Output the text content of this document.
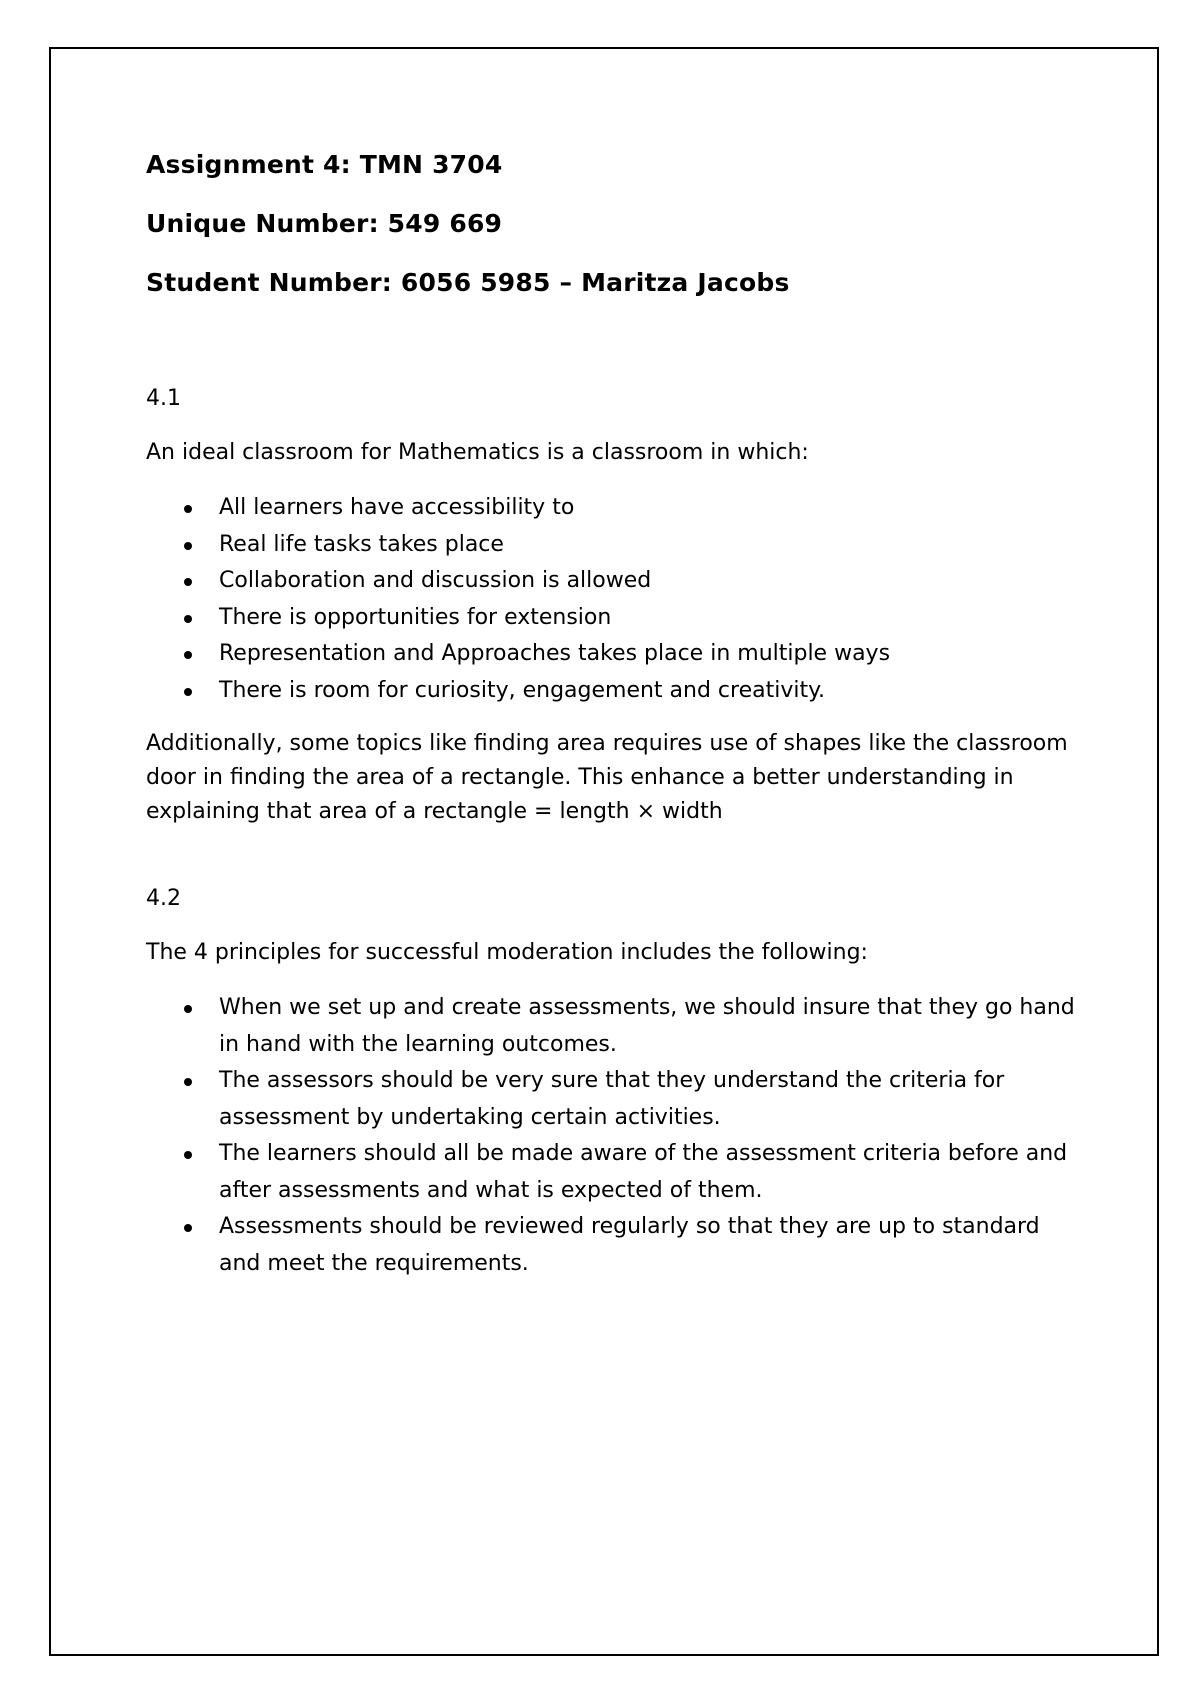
Assignment 4: TMN 3704
Unique Number: 549 669
Student Number: 6056 5985 – Maritza Jacobs
4.1
An ideal classroom for Mathematics is a classroom in which:
All learners have accessibility to
Real life tasks takes place
Collaboration and discussion is allowed
There is opportunities for extension
Representation and Approaches takes place in multiple ways
There is room for curiosity, engagement and creativity.
Additionally, some topics like finding area requires use of shapes like the classroom door in finding the area of a rectangle. This enhance a better understanding in explaining that area of a rectangle = length × width
4.2
The 4 principles for successful moderation includes the following:
When we set up and create assessments, we should insure that they go hand in hand with the learning outcomes.
The assessors should be very sure that they understand the criteria for assessment by undertaking certain activities.
The learners should all be made aware of the assessment criteria before and after assessments and what is expected of them.
Assessments should be reviewed regularly so that they are up to standard and meet the requirements.
